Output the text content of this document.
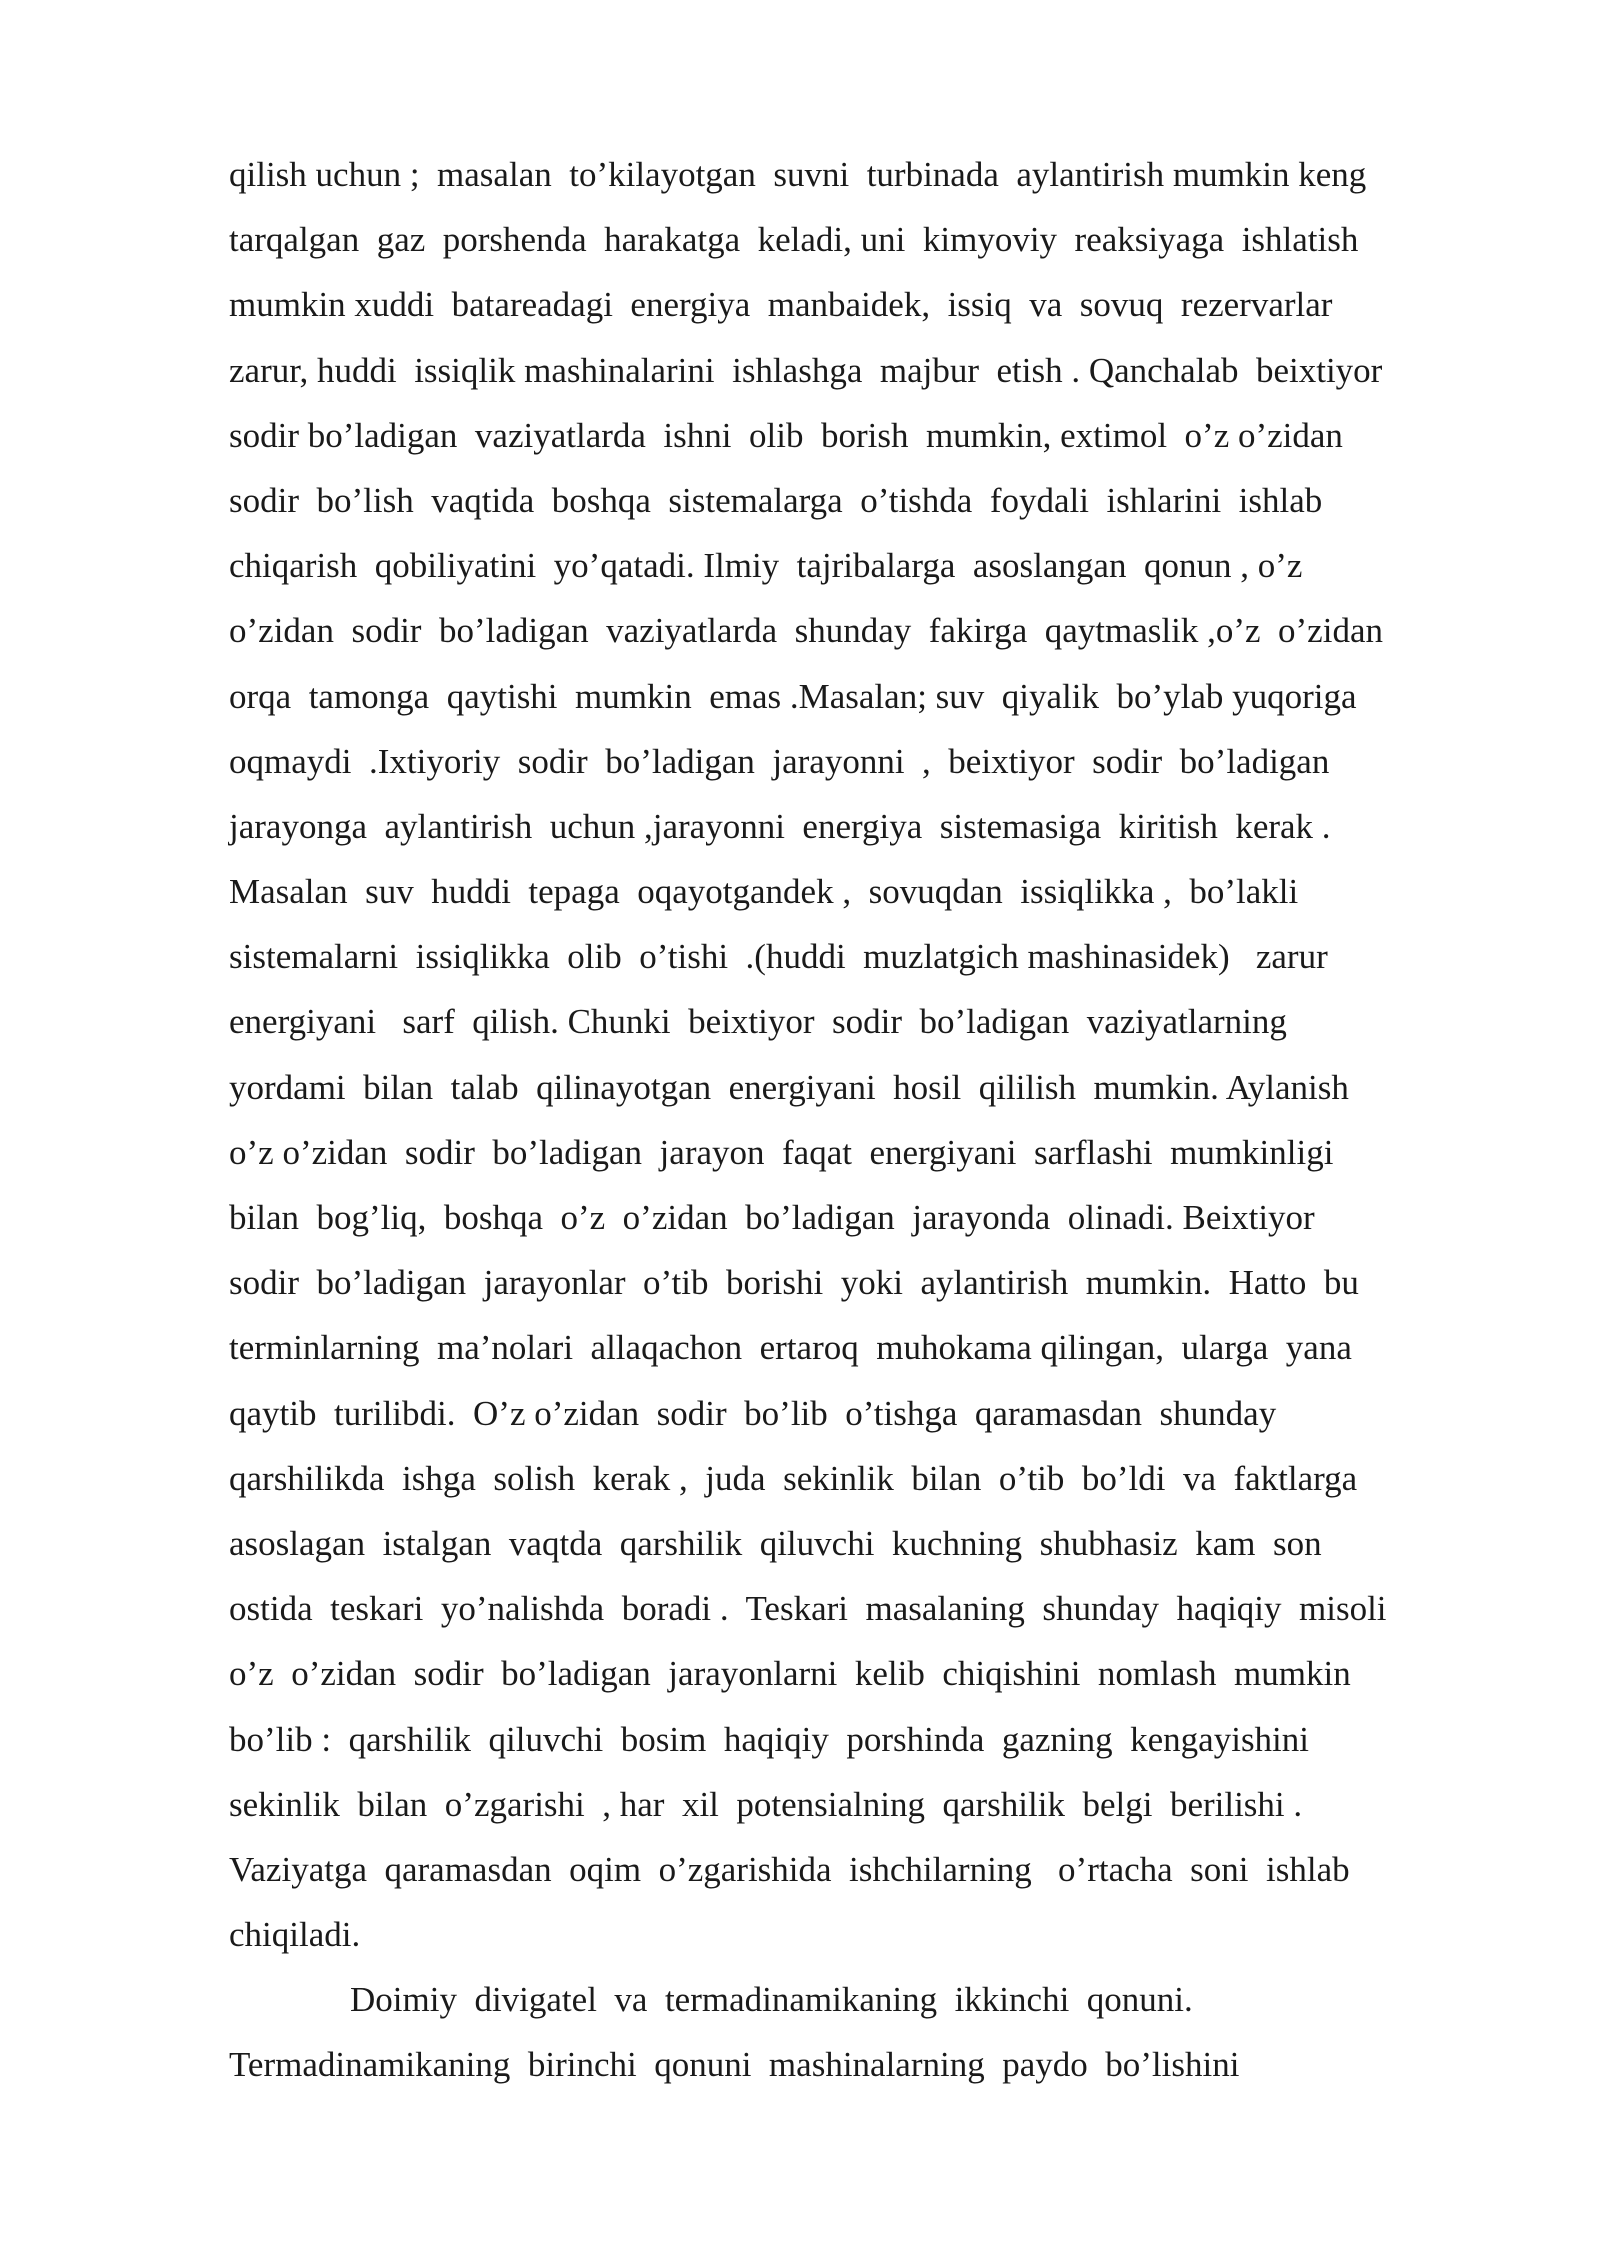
qilish uchun ;  masalan  to’kilayotgan  suvni  turbinada  aylantirish mumkin keng
tarqalgan  gaz  porshenda  harakatga  keladi, uni  kimyoviy  reaksiyaga  ishlatish
mumkin xuddi  batareadagi  energiya  manbaidek,  issiq  va  sovuq  rezervarlar
zarur, huddi  issiqlik mashinalarini  ishlashga  majbur  etish . Qanchalab  beixtiyor
sodir bo’ladigan  vaziyatlarda  ishni  olib  borish  mumkin, extimol  o’z o’zidan
sodir  bo’lish  vaqtida  boshqa  sistemalarga  o’tishda  foydali  ishlarini  ishlab
chiqarish  qobiliyatini  yo’qatadi. Ilmiy  tajribalarga  asoslangan  qonun , o’z
o’zidan  sodir  bo’ladigan  vaziyatlarda  shunday  fakirga  qaytmaslik ,o’z  o’zidan
orqa  tamonga  qaytishi  mumkin  emas .Masalan; suv  qiyalik  bo’ylab yuqoriga
oqmaydi  .Ixtiyoriy  sodir  bo’ladigan  jarayonni  ,  beixtiyor  sodir  bo’ladigan
jarayonga  aylantirish  uchun ,jarayonni  energiya  sistemasiga  kiritish  kerak .
Masalan  suv  huddi  tepaga  oqayotgandek ,  sovuqdan  issiqlikka ,  bo’lakli
sistemalarni  issiqlikka  olib  o’tishi  .(huddi  muzlatgich mashinasidek)   zarur
energiyani   sarf  qilish. Chunki  beixtiyor  sodir  bo’ladigan  vaziyatlarning
yordami  bilan  talab  qilinayotgan  energiyani  hosil  qililish  mumkin. Aylanish
o’z o’zidan  sodir  bo’ladigan  jarayon  faqat  energiyani  sarflashi  mumkinligi
bilan  bog’liq,  boshqa  o’z  o’zidan  bo’ladigan  jarayonda  olinadi. Beixtiyor
sodir  bo’ladigan  jarayonlar  o’tib  borishi  yoki  aylantirish  mumkin.  Hatto  bu
terminlarning  ma’nolari  allaqachon  ertaroq  muhokama qilingan,  ularga  yana
qaytib  turilibdi.  O’z o’zidan  sodir  bo’lib  o’tishga  qaramasdan  shunday
qarshilikda  ishga  solish  kerak ,  juda  sekinlik  bilan  o’tib  bo’ldi  va  faktlarga
asoslagan  istalgan  vaqtda  qarshilik  qiluvchi  kuchning  shubhasiz  kam  son
ostida  teskari  yo’nalishda  boradi .  Teskari  masalaning  shunday  haqiqiy  misoli
o’z  o’zidan  sodir  bo’ladigan  jarayonlarni  kelib  chiqishini  nomlash  mumkin
bo’lib :  qarshilik  qiluvchi  bosim  haqiqiy  porshinda  gazning  kengayishini
sekinlik  bilan  o’zgarishi  , har  xil  potensialning  qarshilik  belgi  berilishi .
Vaziyatga  qaramasdan  oqim  o’zgarishida  ishchilarning   o’rtacha  soni  ishlab
chiqiladi.
Doimiy  divigatel  va  termadinamikaning  ikkinchi  qonuni.
Termadinamikaning  birinchi  qonuni  mashinalarning  paydo  bo’lishini
